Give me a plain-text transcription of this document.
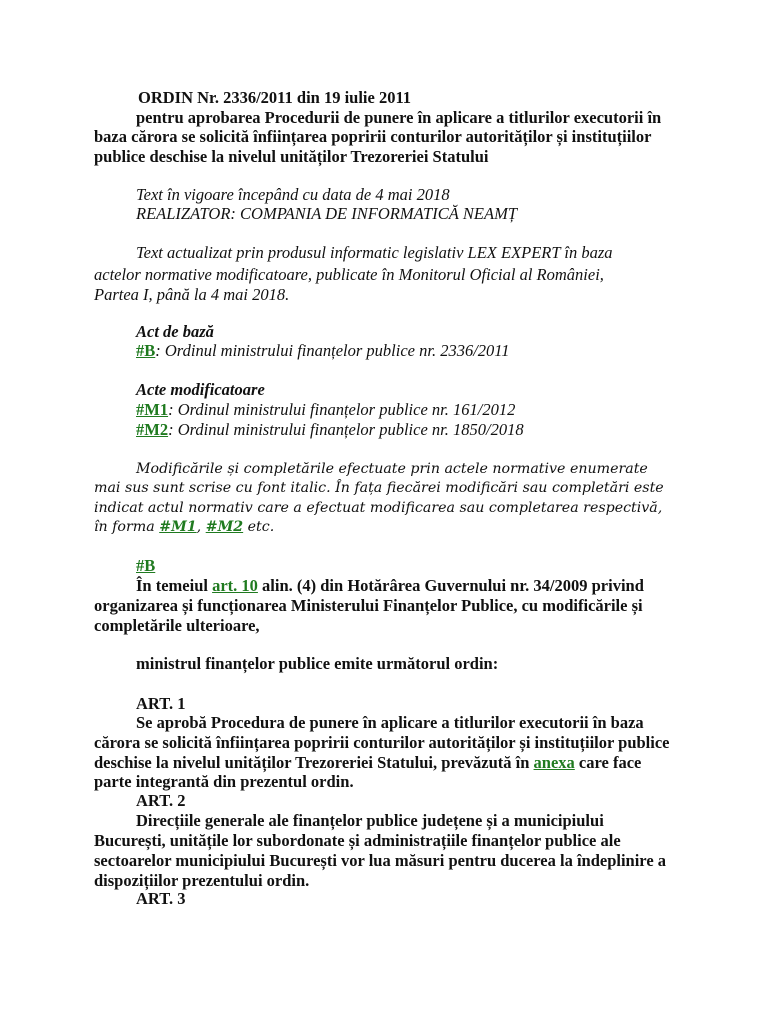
ORDIN Nr. 2336/2011 din 19 iulie 2011
pentru aprobarea Procedurii de punere în aplicare a titlurilor executorii în
baza cărora se solicită înființarea popririi conturilor autorităților și instituțiilor
publice deschise la nivelul unităților Trezoreriei Statului
Text în vigoare începând cu data de 4 mai 2018
REALIZATOR: COMPANIA DE INFORMATICĂ NEAMȚ
Text actualizat prin produsul informatic legislativ LEX EXPERT în baza
actelor normative modificatoare, publicate în Monitorul Oficial al României,
Partea I, până la 4 mai 2018.
Act de bază
#B: Ordinul ministrului finanțelor publice nr. 2336/2011
Acte modificatoare
#M1: Ordinul ministrului finanțelor publice nr. 161/2012
#M2: Ordinul ministrului finanțelor publice nr. 1850/2018
Modificările și completările efectuate prin actele normative enumerate
mai sus sunt scrise cu font italic. În fața fiecărei modificări sau completări este
indicat actul normativ care a efectuat modificarea sau completarea respectivă,
în forma #M1, #M2 etc.
#B
În temeiul art. 10 alin. (4) din Hotărârea Guvernului nr. 34/2009 privind
organizarea și funcționarea Ministerului Finanțelor Publice, cu modificările și
completările ulterioare,
ministrul finanțelor publice emite următorul ordin:
ART. 1
Se aprobă Procedura de punere în aplicare a titlurilor executorii în baza
cărora se solicită înființarea popririi conturilor autorităților și instituțiilor publice
deschise la nivelul unităților Trezoreriei Statului, prevăzută în anexa care face
parte integrantă din prezentul ordin.
ART. 2
Direcțiile generale ale finanțelor publice județene și a municipiului
București, unitățile lor subordonate și administrațiile finanțelor publice ale
sectoarelor municipiului București vor lua măsuri pentru ducerea la îndeplinire a
dispozițiilor prezentului ordin.
ART. 3
